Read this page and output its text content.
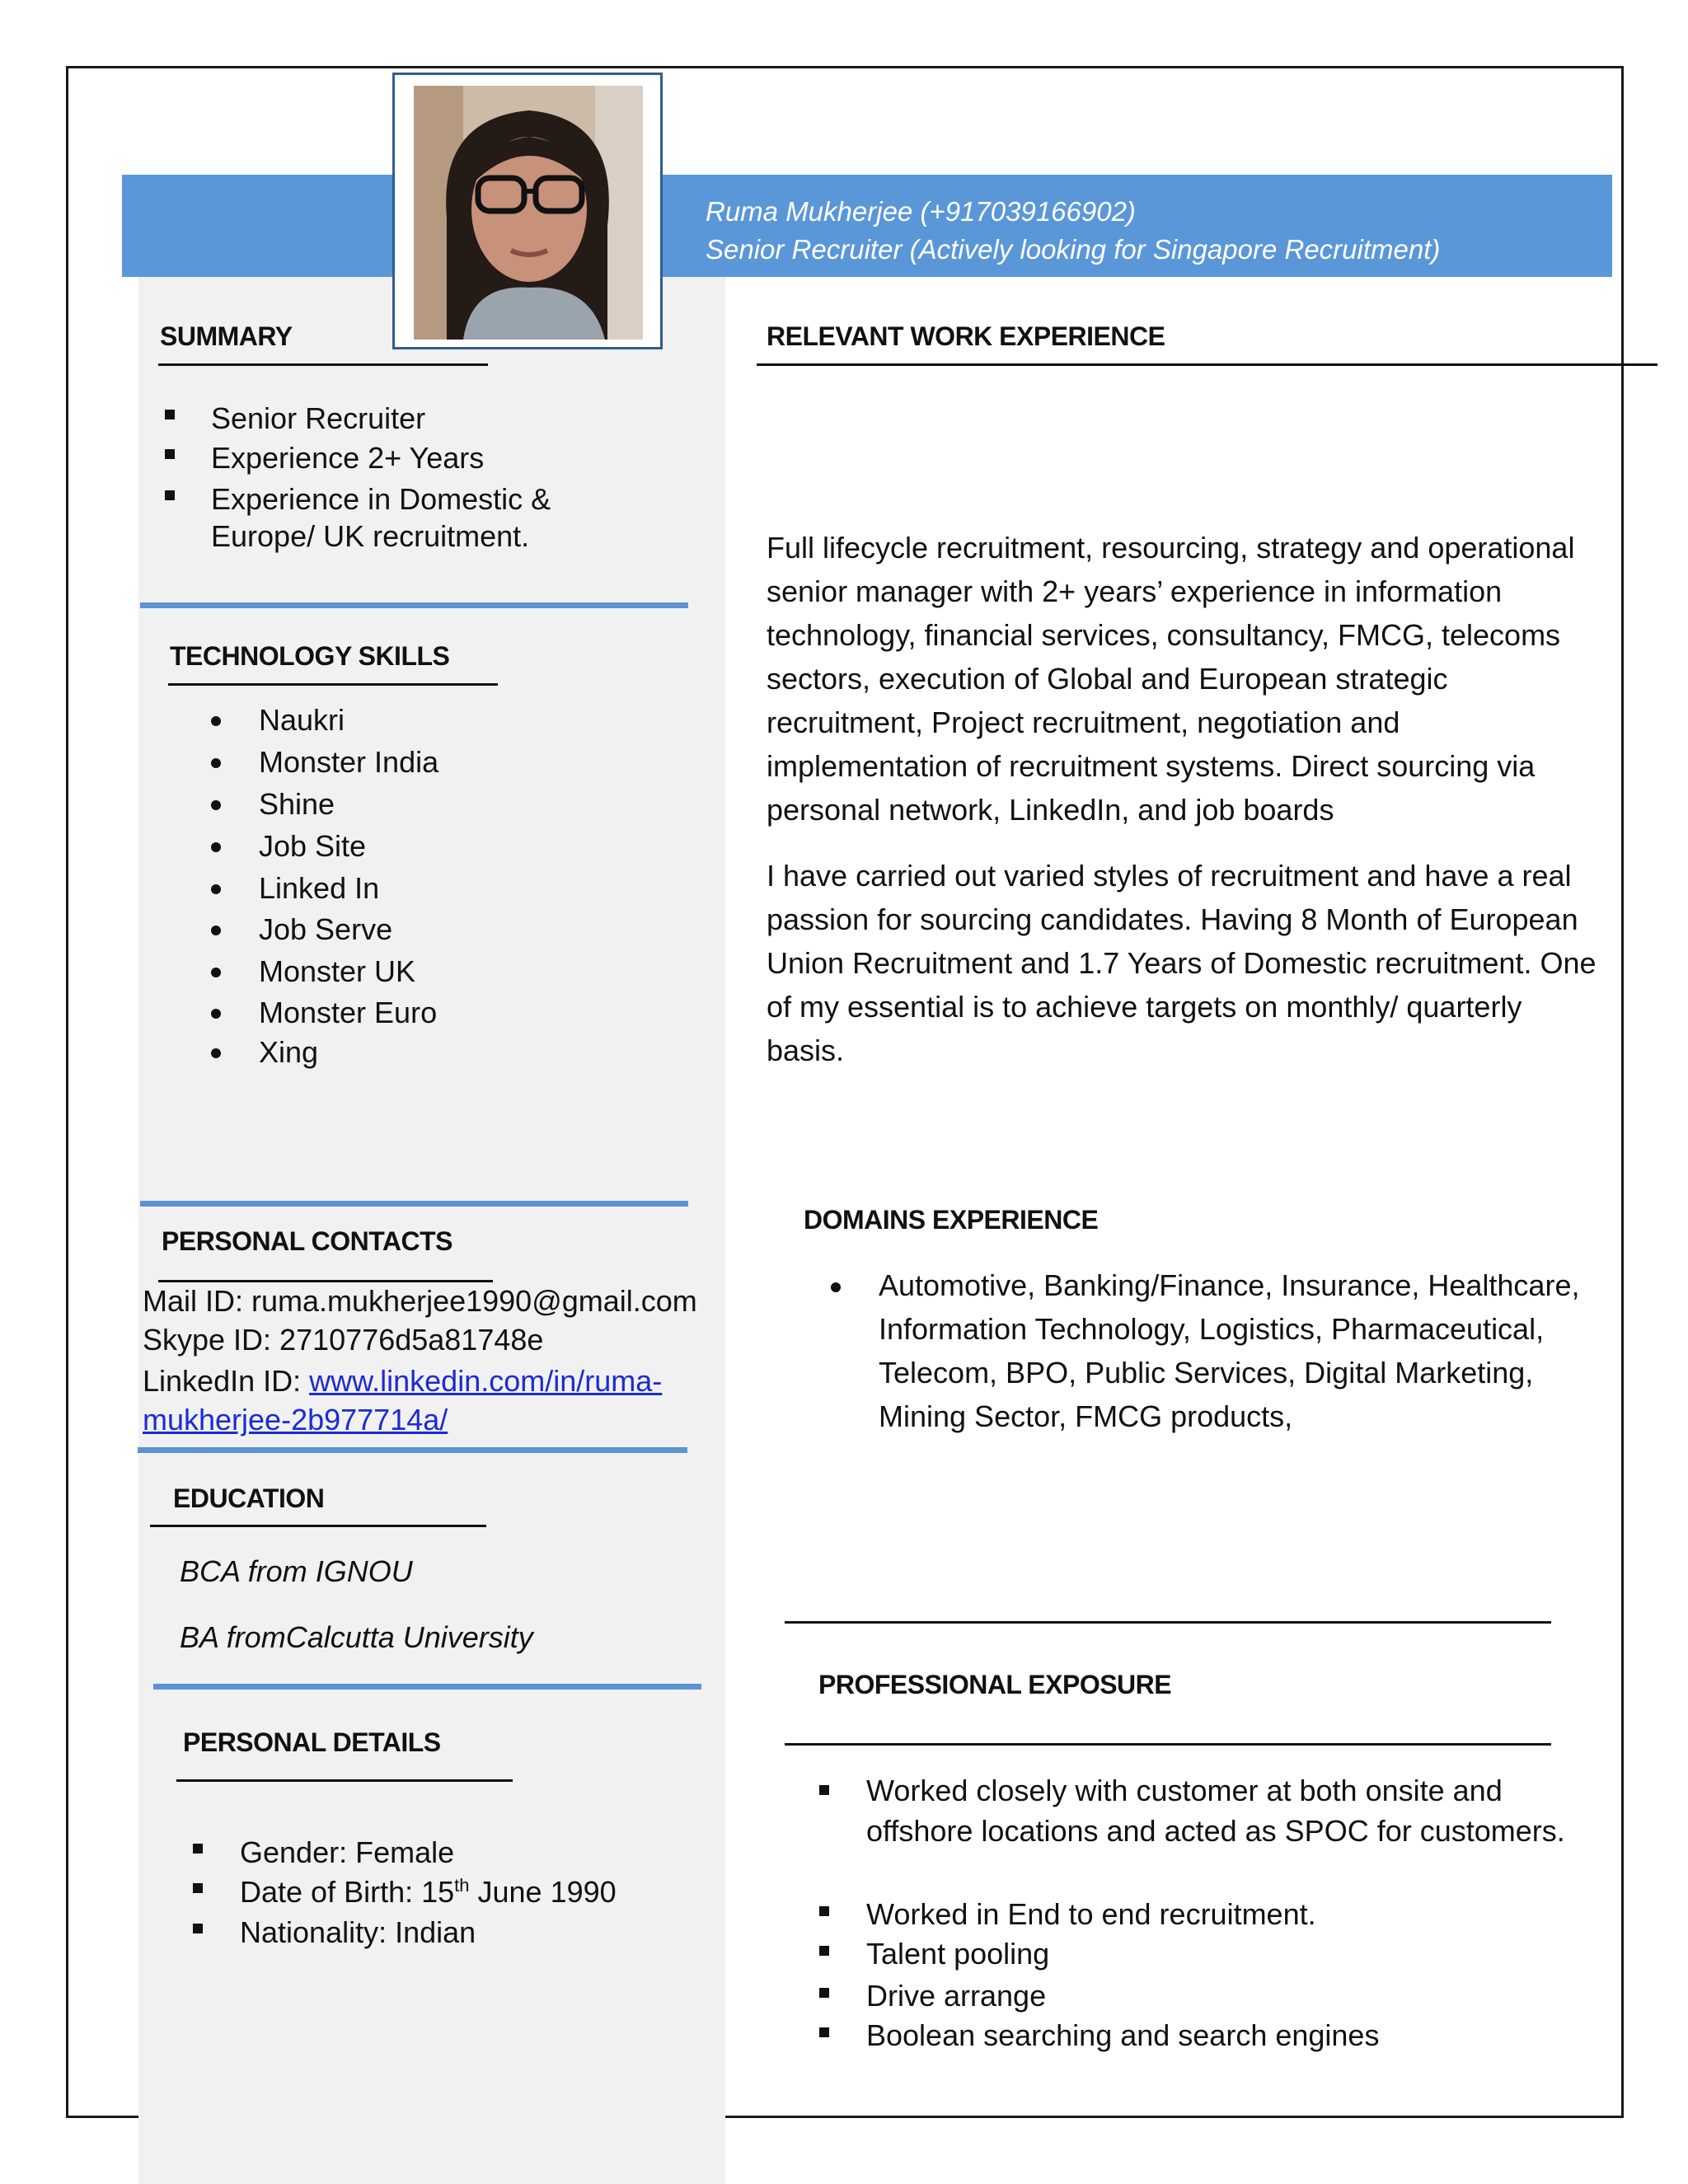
Ruma Mukherjee (+917039166902)
Senior Recruiter (Actively looking for Singapore Recruitment)
SUMMARY
Senior Recruiter
Experience 2+ Years
Experience in Domestic &
Europe/ UK recruitment.
TECHNOLOGY SKILLS
Naukri
Monster India
Shine
Job Site
Linked In
Job Serve
Monster UK
Monster Euro
Xing
PERSONAL CONTACTS
Mail ID: ruma.mukherjee1990@gmail.com
Skype ID: 2710776d5a81748e
LinkedIn ID: www.linkedin.com/in/ruma-
mukherjee-2b977714a/
EDUCATION
BCA from IGNOU
BA fromCalcutta University
PERSONAL DETAILS
Gender: Female
Date of Birth: 15th June 1990
Nationality: Indian
RELEVANT WORK EXPERIENCE
Full lifecycle recruitment, resourcing, strategy and operational senior manager with 2+ years’ experience in information technology, financial services, consultancy, FMCG, telecoms sectors, execution of Global and European strategic recruitment, Project recruitment, negotiation and implementation of recruitment systems. Direct sourcing via personal network, LinkedIn, and job boards
I have carried out varied styles of recruitment and have a real passion for sourcing candidates. Having 8 Month of European Union Recruitment and 1.7 Years of Domestic recruitment. One of my essential is to achieve targets on monthly/ quarterly basis.
DOMAINS EXPERIENCE
Automotive, Banking/Finance, Insurance, Healthcare, Information Technology, Logistics, Pharmaceutical, Telecom, BPO, Public Services, Digital Marketing, Mining Sector, FMCG products,
PROFESSIONAL EXPOSURE
Worked closely with customer at both onsite and offshore locations and acted as SPOC for customers.
Worked in End to end recruitment.
Talent pooling
Drive arrange
Boolean searching and search engines
